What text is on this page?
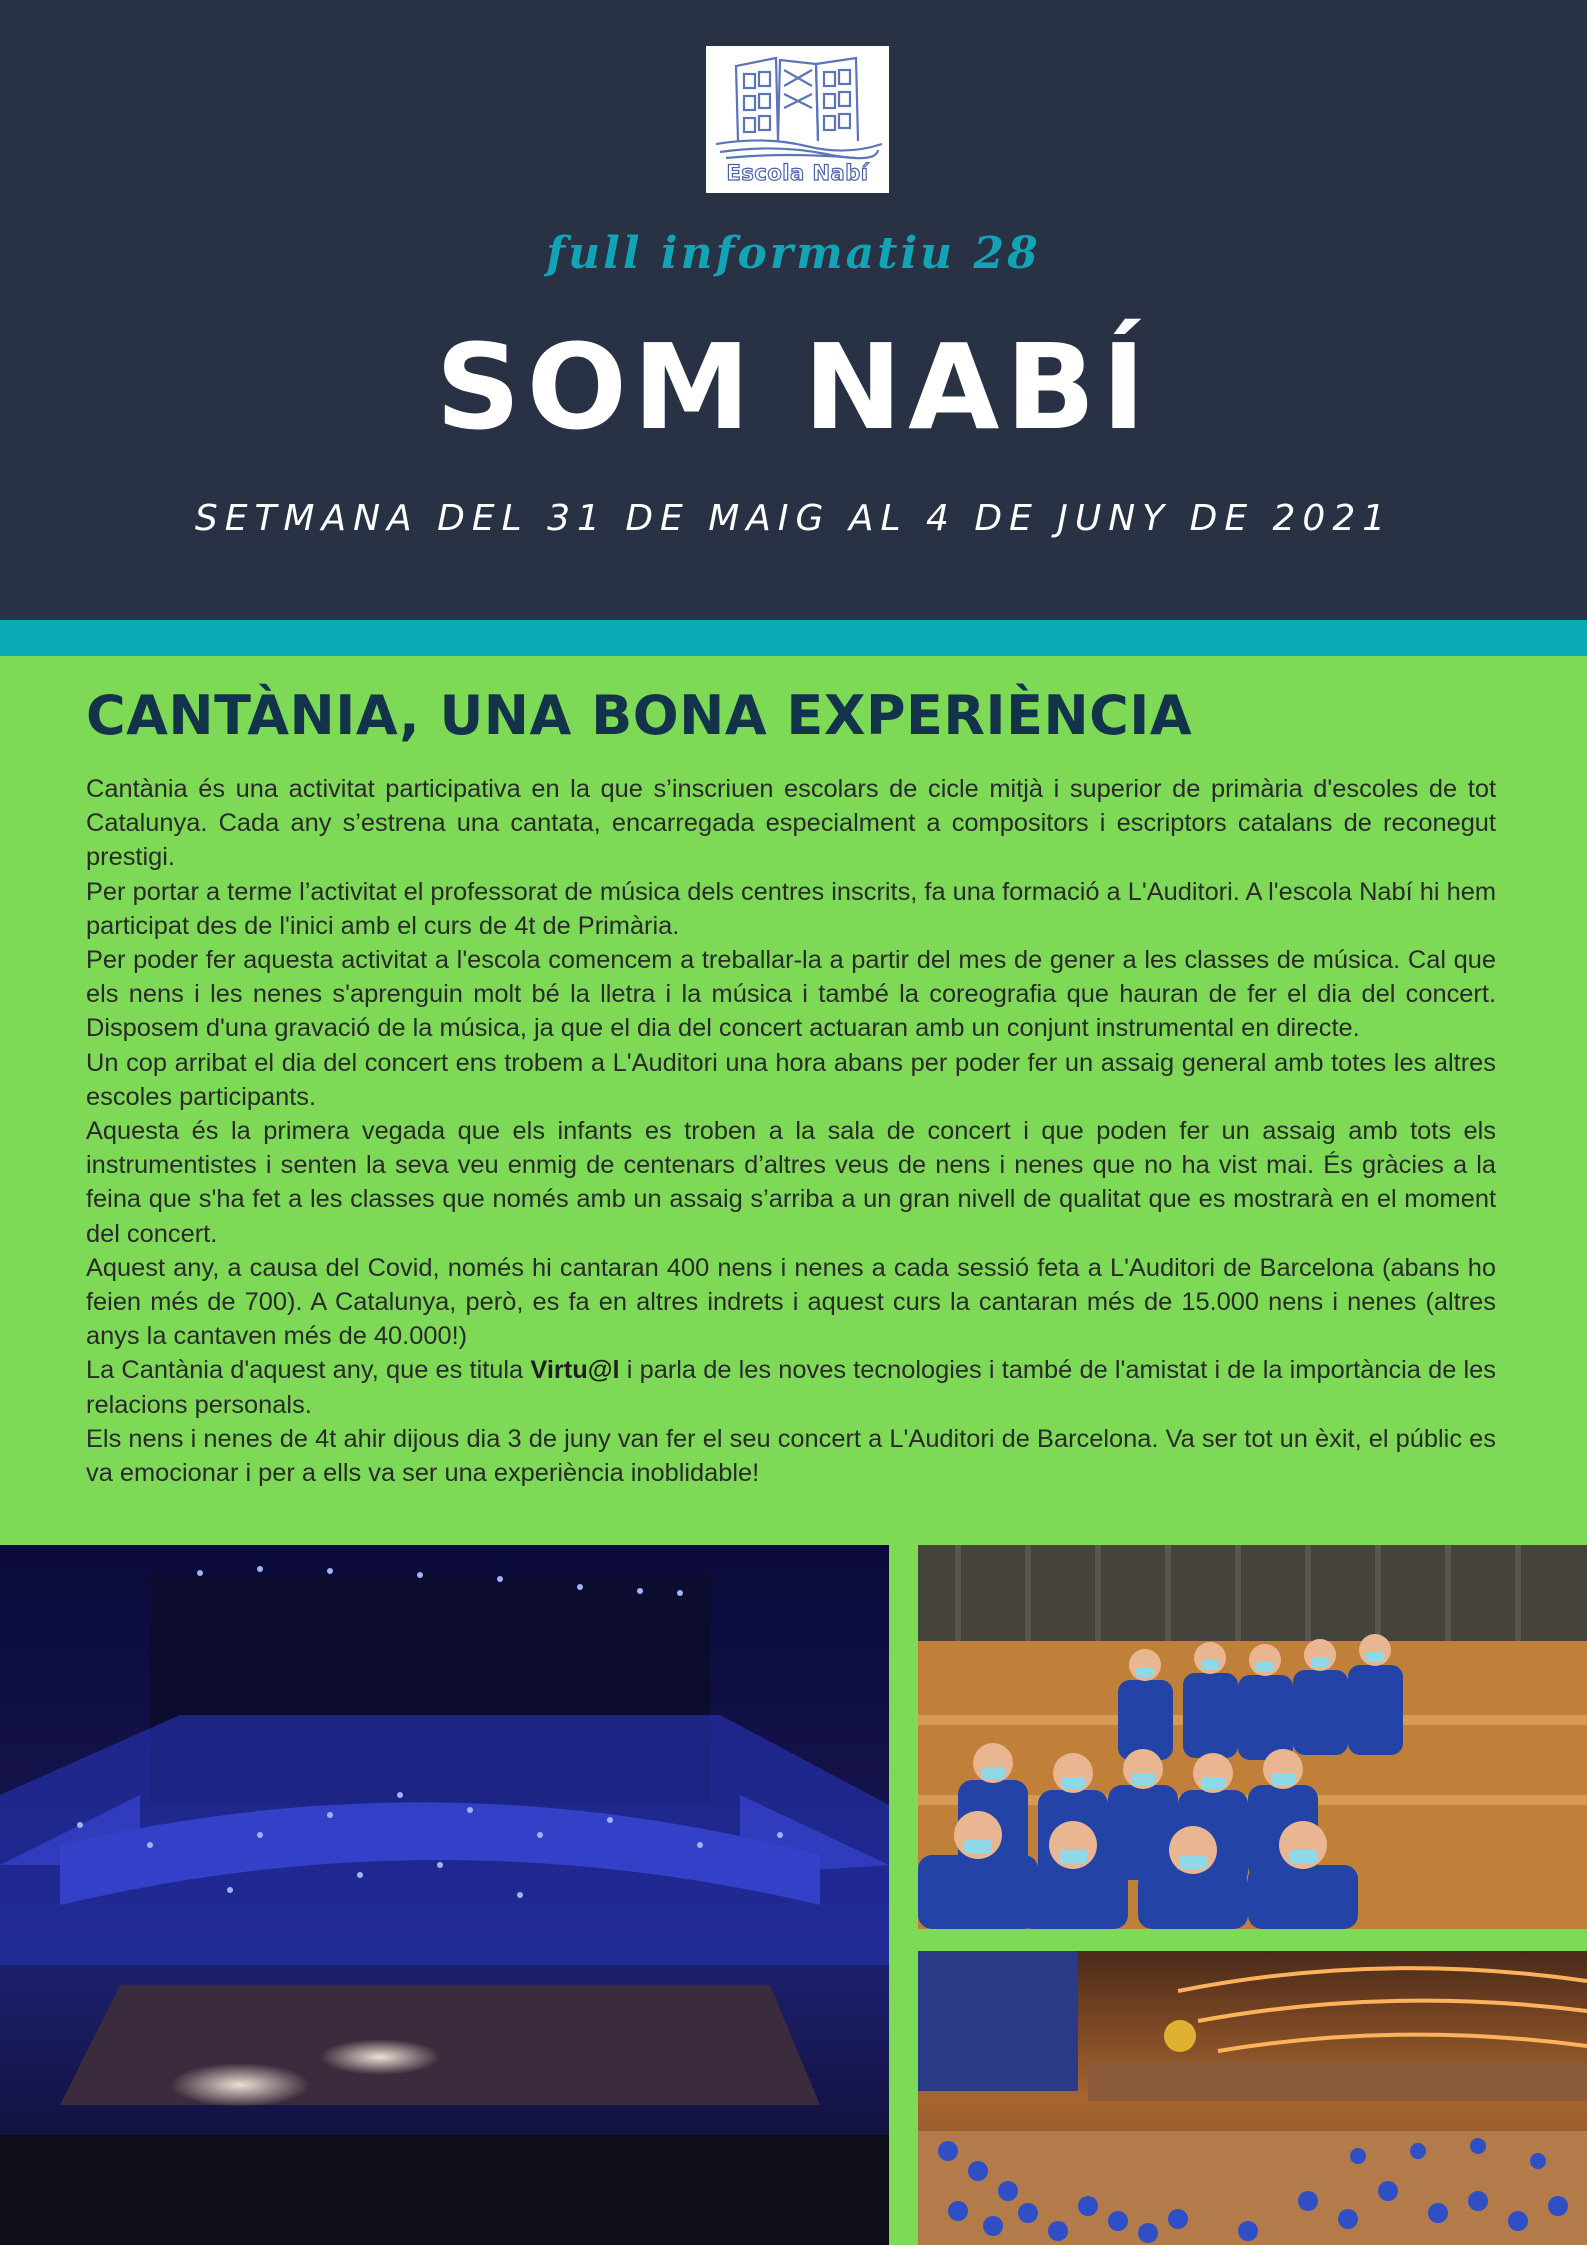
Escola Nabí
full informatiu 28
SOM NABÍ
SETMANA DEL 31 DE MAIG AL 4 DE JUNY DE 2021
CANTÀNIA, UNA BONA EXPERIÈNCIA

Cantània és una activitat participativa en la que s’inscriuen escolars de cicle mitjà i superior de primària d'escoles de tot Catalunya. Cada any s’estrena una cantata, encarregada especialment a compositors i escriptors catalans de reconegut prestigi.

Per portar a terme l’activitat el professorat de música dels centres inscrits, fa una formació a L'Auditori. A l'escola Nabí hi hem participat des de l'inici amb el curs de 4t de Primària.

Per poder fer aquesta activitat a l'escola comencem a treballar-la a partir del mes de gener a les classes de música. Cal que els nens i les nenes s'aprenguin molt bé la lletra i la música i també la coreografia que hauran de fer el dia del concert. Disposem d'una gravació de la música, ja que el dia del concert actuaran amb un conjunt instrumental en directe.

Un cop arribat el dia del concert ens trobem a L'Auditori una hora abans per poder fer un assaig general amb totes les altres escoles participants.

Aquesta és la primera vegada que els infants es troben a la sala de concert i que poden fer un assaig amb tots els instrumentistes i senten la seva veu enmig de centenars d’altres veus de nens i nenes que no ha vist mai. És gràcies a la feina que s'ha fet a les classes que només amb un assaig s’arriba a un gran nivell de qualitat que es mostrarà en el moment del concert.

Aquest any, a causa del Covid, només hi cantaran 400 nens i nenes a cada sessió feta a L'Auditori de Barcelona (abans ho feien més de 700). A Catalunya, però, es fa en altres indrets i aquest curs la cantaran més de 15.000 nens i nenes (altres anys la cantaven més de 40.000!)

La Cantània d'aquest any, que es titula Virtu@l i parla de les noves tecnologies i també de l'amistat i de la importància de les relacions personals.

Els nens i nenes de 4t ahir dijous dia 3 de juny van fer el seu concert a L'Auditori de Barcelona. Va ser tot un èxit, el públic es va emocionar i per a ells va ser una experiència inoblidable!
